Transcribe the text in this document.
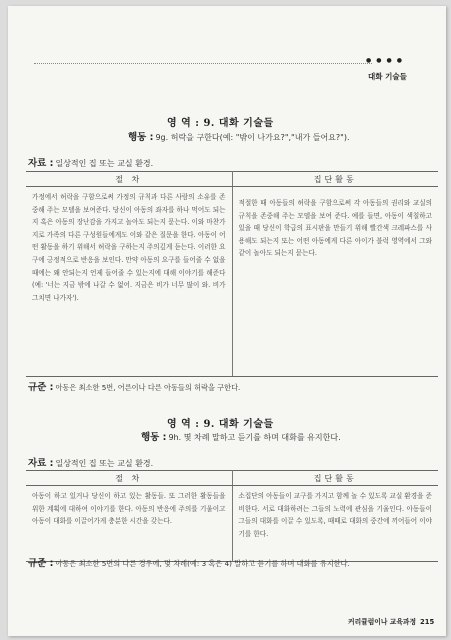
●●●●
대화 기술들
영 역 : 9. 대화 기술들
행동 : 9g. 허락을 구한다(예: "밖이 나가요?","내가 들어요?").
자료 : 일상적인 집 또는 교실 환경.
절 차	집단활동
가정에서 허락을 구함으로써 가정의 규칙과 다른 사람의 소유를 존중해 주는 모델을 보여준다. 당신이 아동의 좌자를 하나 먹어도 되는지 혹은 아동의 장난감을 가지고 놀아도 되는지 묻는다. 이와 마찬가지로 가족의 다른 구성원들에게도 이와 같은 질문을 한다. 아동이 어떤 활동을 하기 위해서 허락을 구하는지 주의깊게 듣는다. 이러한 요구에 긍정적으로 반응을 보인다. 만약 아동의 요구를 들어줄 수 없을 때에는 왜 안되는지 언제 들어줄 수 있는지에 대해 이야기를 해준다(예: '너는 지금 밖에 나갈 수 없어. 지금은 비가 너무 많이 와. 비가 그치면 나가자').	적절한 때 아동들의 허락을 구함으로써 각 아동들의 권리와 교실의 규칙을 존중해 주는 모델을 보여 준다. 예를 들면, 아동이 색칠하고 있을 때 당신이 학급의 표시판을 만들기 위해 빨간색 크레파스를 사용해도 되는지 또는 어떤 아동에게 다른 아이가 블럭 영역에서 그와 같이 놀아도 되는지 묻는다.
규준 : 아동은 최소한 5번, 어른이나 다른 아동들의 허락을 구한다.
영 역 : 9. 대화 기술들
행동 : 9h. 몇 차례 말하고 듣기를 하며 대화를 유지한다.
자료 : 일상적인 집 또는 교실 환경.
절 차	집단활동
아동이 하고 있거나 당신이 하고 있는 활동들. 또 그러한 활동들을 위한 계획에 대하여 이야기를 한다. 아동의 반응에 주의를 기울이고 아동이 대화를 이끌어가게 충분한 시간을 갖는다.	소집단의 아동들이 교구를 가지고 함께 놀 수 있도록 교실 환경을 준비한다. 서로 대화하려는 그들의 노력에 관심을 기울인다. 아동들이 그들의 대화를 이끌 수 있도록, 때때로 대화의 중간에 끼어들어 이야기를 한다.
규준 : 아동은 최소한 5번의 다른 경우에, 몇 차례(예: 3 혹은 4) 말하고 듣기를 하며 대화를 유지한다.
커리큘럼이나 교육과정 215
